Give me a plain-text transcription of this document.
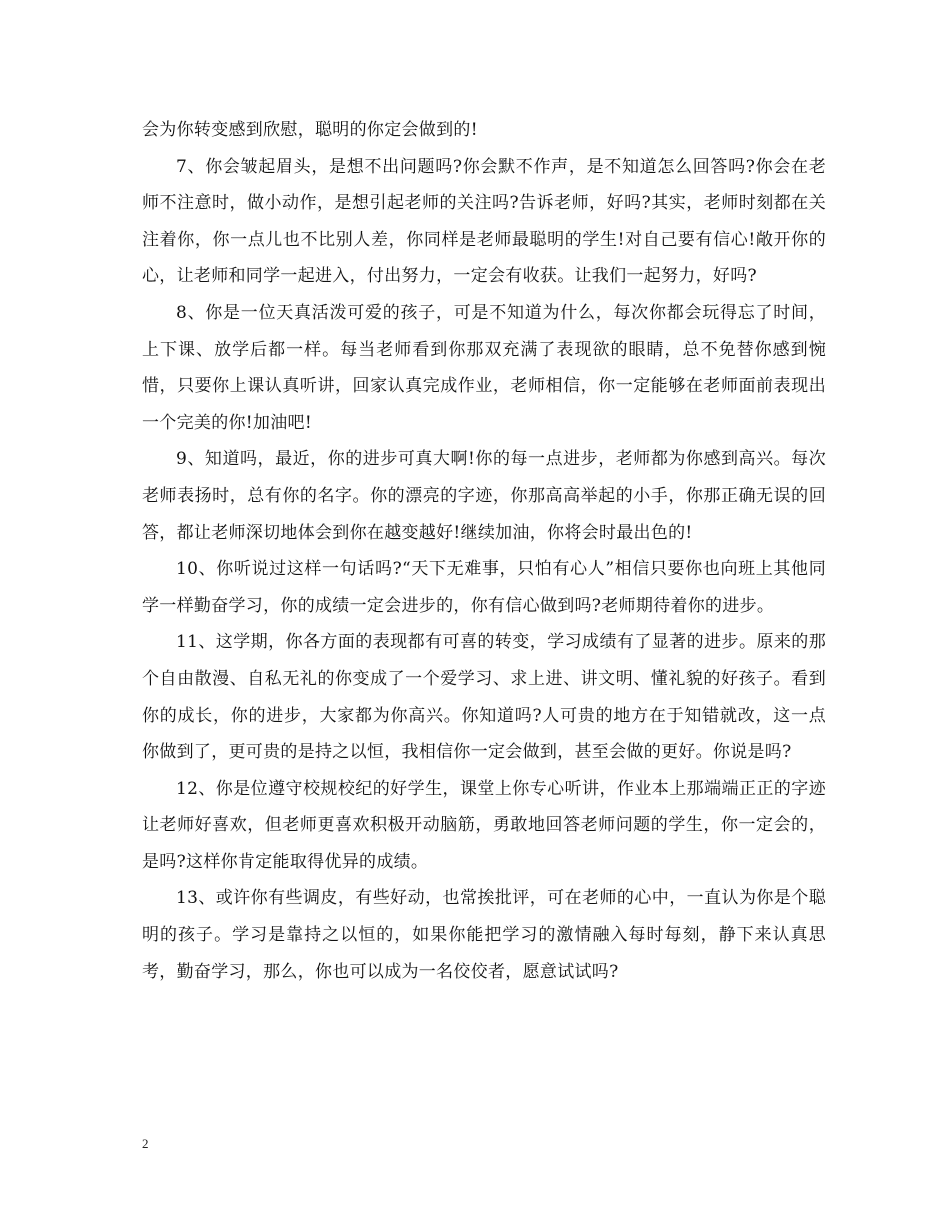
会为你转变感到欣慰，聪明的你定会做到的!

7、你会皱起眉头，是想不出问题吗?你会默不作声，是不知道怎么回答吗?你会在老师不注意时，做小动作，是想引起老师的关注吗?告诉老师，好吗?其实，老师时刻都在关注着你，你一点儿也不比别人差，你同样是老师最聪明的学生!对自己要有信心!敞开你的心，让老师和同学一起进入，付出努力，一定会有收获。让我们一起努力，好吗?

8、你是一位天真活泼可爱的孩子，可是不知道为什么，每次你都会玩得忘了时间，上下课、放学后都一样。每当老师看到你那双充满了表现欲的眼睛，总不免替你感到惋惜，只要你上课认真听讲，回家认真完成作业，老师相信，你一定能够在老师面前表现出一个完美的你!加油吧!

9、知道吗，最近，你的进步可真大啊!你的每一点进步，老师都为你感到高兴。每次老师表扬时，总有你的名字。你的漂亮的字迹，你那高高举起的小手，你那正确无误的回答，都让老师深切地体会到你在越变越好!继续加油，你将会时最出色的!

10、你听说过这样一句话吗?“天下无难事，只怕有心人”相信只要你也向班上其他同学一样勤奋学习，你的成绩一定会进步的，你有信心做到吗?老师期待着你的进步。

11、这学期，你各方面的表现都有可喜的转变，学习成绩有了显著的进步。原来的那个自由散漫、自私无礼的你变成了一个爱学习、求上进、讲文明、懂礼貌的好孩子。看到你的成长，你的进步，大家都为你高兴。你知道吗?人可贵的地方在于知错就改，这一点你做到了，更可贵的是持之以恒，我相信你一定会做到，甚至会做的更好。你说是吗?

12、你是位遵守校规校纪的好学生，课堂上你专心听讲，作业本上那端端正正的字迹让老师好喜欢，但老师更喜欢积极开动脑筋，勇敢地回答老师问题的学生，你一定会的，是吗?这样你肯定能取得优异的成绩。

13、或许你有些调皮，有些好动，也常挨批评，可在老师的心中，一直认为你是个聪明的孩子。学习是靠持之以恒的，如果你能把学习的激情融入每时每刻，静下来认真思考，勤奋学习，那么，你也可以成为一名佼佼者，愿意试试吗?

2
